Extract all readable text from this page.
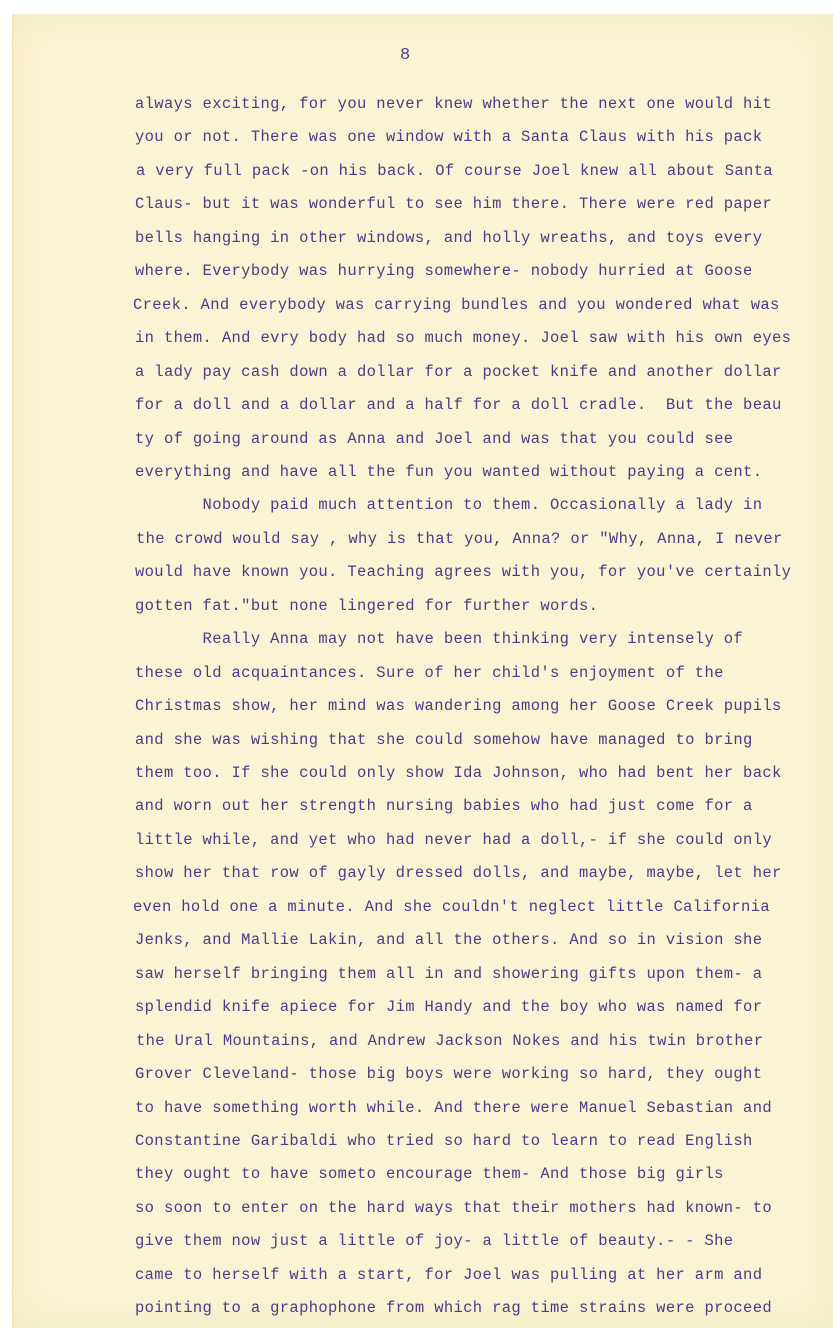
8

always exciting, for you never knew whether the next one would hit

you or not. There was one window with a Santa Claus with his pack

a very full pack -on his back. Of course Joel knew all about Santa

Claus- but it was wonderful to see him there. There were red paper

bells hanging in other windows, and holly wreaths, and toys every

where. Everybody was hurrying somewhere- nobody hurried at Goose

Creek. And everybody was carrying bundles and you wondered what was

in them. And evry body had so much money. Joel saw with his own eyes

a lady pay cash down a dollar for a pocket knife and another dollar

for a doll and a dollar and a half for a doll cradle.  But the beau

ty of going around as Anna and Joel and was that you could see

everything and have all the fun you wanted without paying a cent.

Nobody paid much attention to them. Occasionally a lady in

the crowd would say , why is that you, Anna? or "Why, Anna, I never

would have known you. Teaching agrees with you, for you've certainly

gotten fat."but none lingered for further words.

Really Anna may not have been thinking very intensely of

these old acquaintances. Sure of her child's enjoyment of the

Christmas show, her mind was wandering among her Goose Creek pupils

and she was wishing that she could somehow have managed to bring

them too. If she could only show Ida Johnson, who had bent her back

and worn out her strength nursing babies who had just come for a

little while, and yet who had never had a doll,- if she could only

show her that row of gayly dressed dolls, and maybe, maybe, let her

even hold one a minute. And she couldn't neglect little California

Jenks, and Mallie Lakin, and all the others. And so in vision she

saw herself bringing them all in and showering gifts upon them- a

splendid knife apiece for Jim Handy and the boy who was named for

the Ural Mountains, and Andrew Jackson Nokes and his twin brother

Grover Cleveland- those big boys were working so hard, they ought

to have something worth while. And there were Manuel Sebastian and

Constantine Garibaldi who tried so hard to learn to read English

they ought to have someto encourage them- And those big girls

so soon to enter on the hard ways that their mothers had known- to

give them now just a little of joy- a little of beauty.- - She

came to herself with a start, for Joel was pulling at her arm and

pointing to a graphophone from which rag time strains were proceed
